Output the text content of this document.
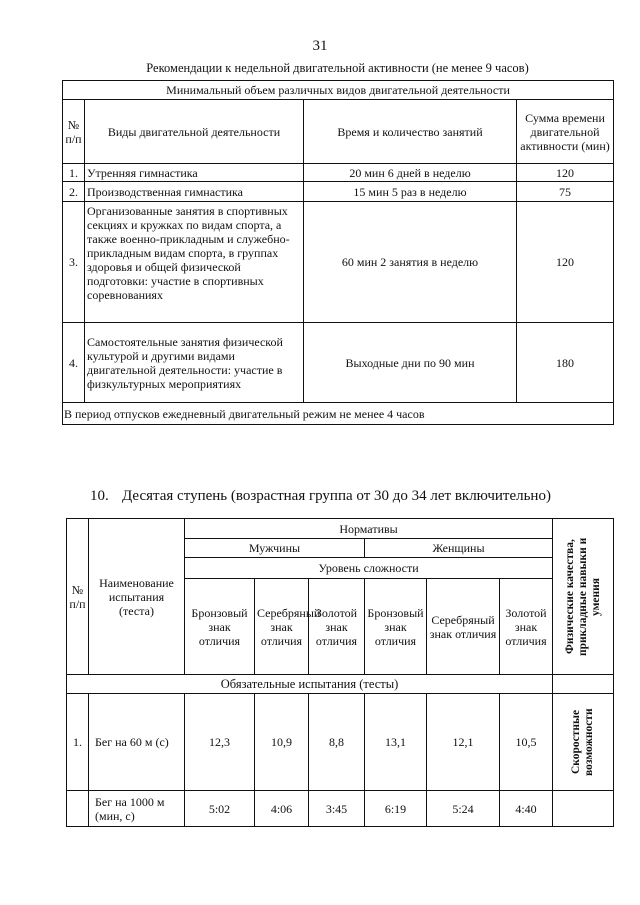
31
Рекомендации к недельной двигательной активности (не менее 9 часов)
Минимальный объем различных видов двигательной деятельности			
№ п/п	Виды двигательной деятельности	Время и количество занятий	Сумма времени двигательной активности (мин)
1.	Утренняя гимнастика	20 мин 6 дней в неделю	120
2.	Производственная гимнастика	15 мин 5 раз в неделю	75
3.	Организованные занятия в спортивных секциях и кружках по видам спорта, а также военно-прикладным и служебно-прикладным видам спорта, в группах здоровья и общей физической подготовки: участие в спортивных соревнованиях	60 мин 2 занятия в неделю	120
4.	Самостоятельные занятия физической культурой и другими видами двигательной деятельности: участие в физкультурных мероприятиях	Выходные дни по 90 мин	180
В период отпусков ежедневный двигательный режим не менее 4 часов			
10. Десятая ступень (возрастная группа от 30 до 34 лет включительно)
№ п/п	Наименование испытания (теста)	Нормативы						Физические качества, прикладные навыки и умения

		Мужчины			Женщины			
		Уровень сложности						
		Бронзовый знак отличия	Серебряный знак отличия	Золотой знак отличия	Бронзовый знак отличия	Серебряный знак отличия	Золотой знак отличия	
Обязательные испытания (тесты)								
1.	Бег на 60 м (с)	12,3	10,9	8,8	13,1	12,1	10,5	Скоростные возможности

	Бег на 1000 м (мин, с)	5:02	4:06	3:45	6:19	5:24	4:40	
